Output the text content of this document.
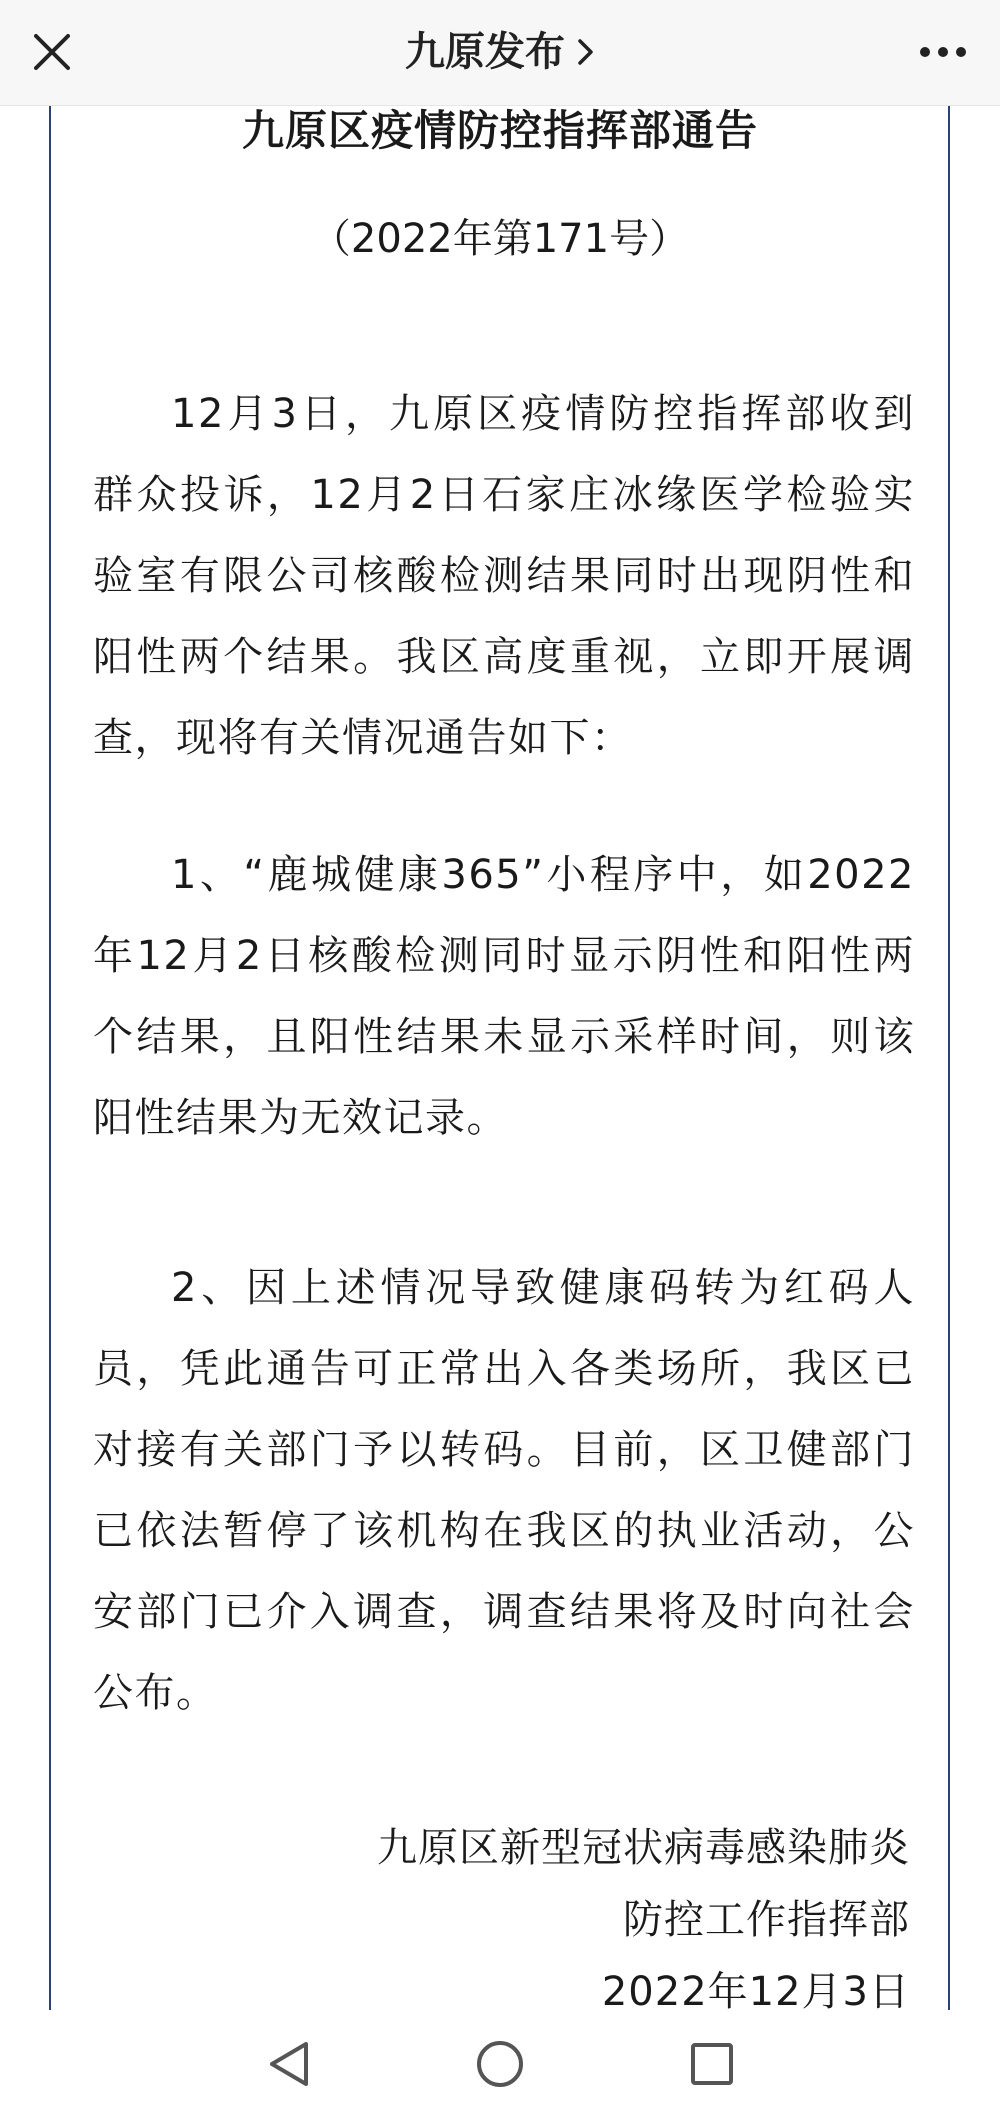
九原发布
九原区疫情防控指挥部通告
（2022年第171号）
12月3日，九原区疫情防控指挥部收到群众投诉，12月2日石家庄冰缘医学检验实验室有限公司核酸检测结果同时出现阴性和阳性两个结果。我区高度重视，立即开展调查，现将有关情况通告如下：
1、“鹿城健康365”小程序中，如2022年12月2日核酸检测同时显示阴性和阳性两个结果，且阳性结果未显示采样时间，则该阳性结果为无效记录。
2、因上述情况导致健康码转为红码人员，凭此通告可正常出入各类场所，我区已对接有关部门予以转码。目前，区卫健部门已依法暂停了该机构在我区的执业活动，公安部门已介入调查，调查结果将及时向社会公布。
九原区新型冠状病毒感染肺炎
防控工作指挥部
2022年12月3日
